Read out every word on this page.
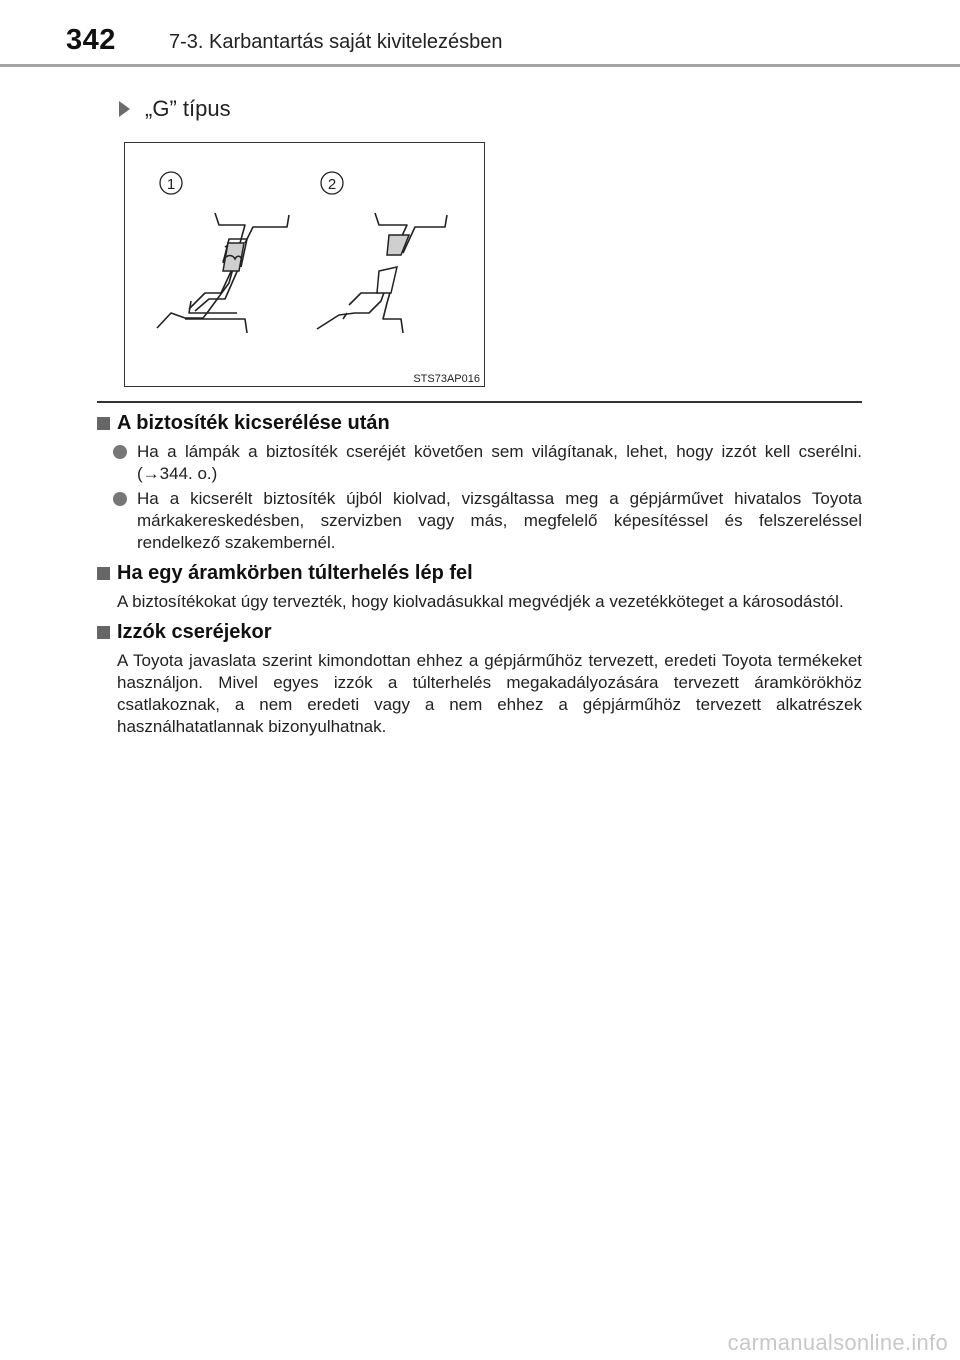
342	7-3. Karbantartás saját kivitelezésben
„G” típus
1	2
STS73AP016
A biztosíték kicserélése után
Ha a lámpák a biztosíték cseréjét követően sem világítanak, lehet, hogy izzót kell cserélni. (→344. o.)
Ha a kicserélt biztosíték újból kiolvad, vizsgáltassa meg a gépjárművet hivatalos Toyota márkakereskedésben, szervizben vagy más, megfelelő képesítéssel és felszereléssel rendelkező szakembernél.
Ha egy áramkörben túlterhelés lép fel

A biztosítékokat úgy tervezték, hogy kiolvadásukkal megvédjék a vezetékköteget a károsodástól.

Izzók cseréjekor

A Toyota javaslata szerint kimondottan ehhez a gépjárműhöz tervezett, eredeti Toyota termékeket használjon. Mivel egyes izzók a túlterhelés megakadályozására tervezett áramkörökhöz csatlakoznak, a nem eredeti vagy a nem ehhez a gépjárműhöz tervezett alkatrészek használhatatlannak bizonyulhatnak.

carmanualsonline.info
